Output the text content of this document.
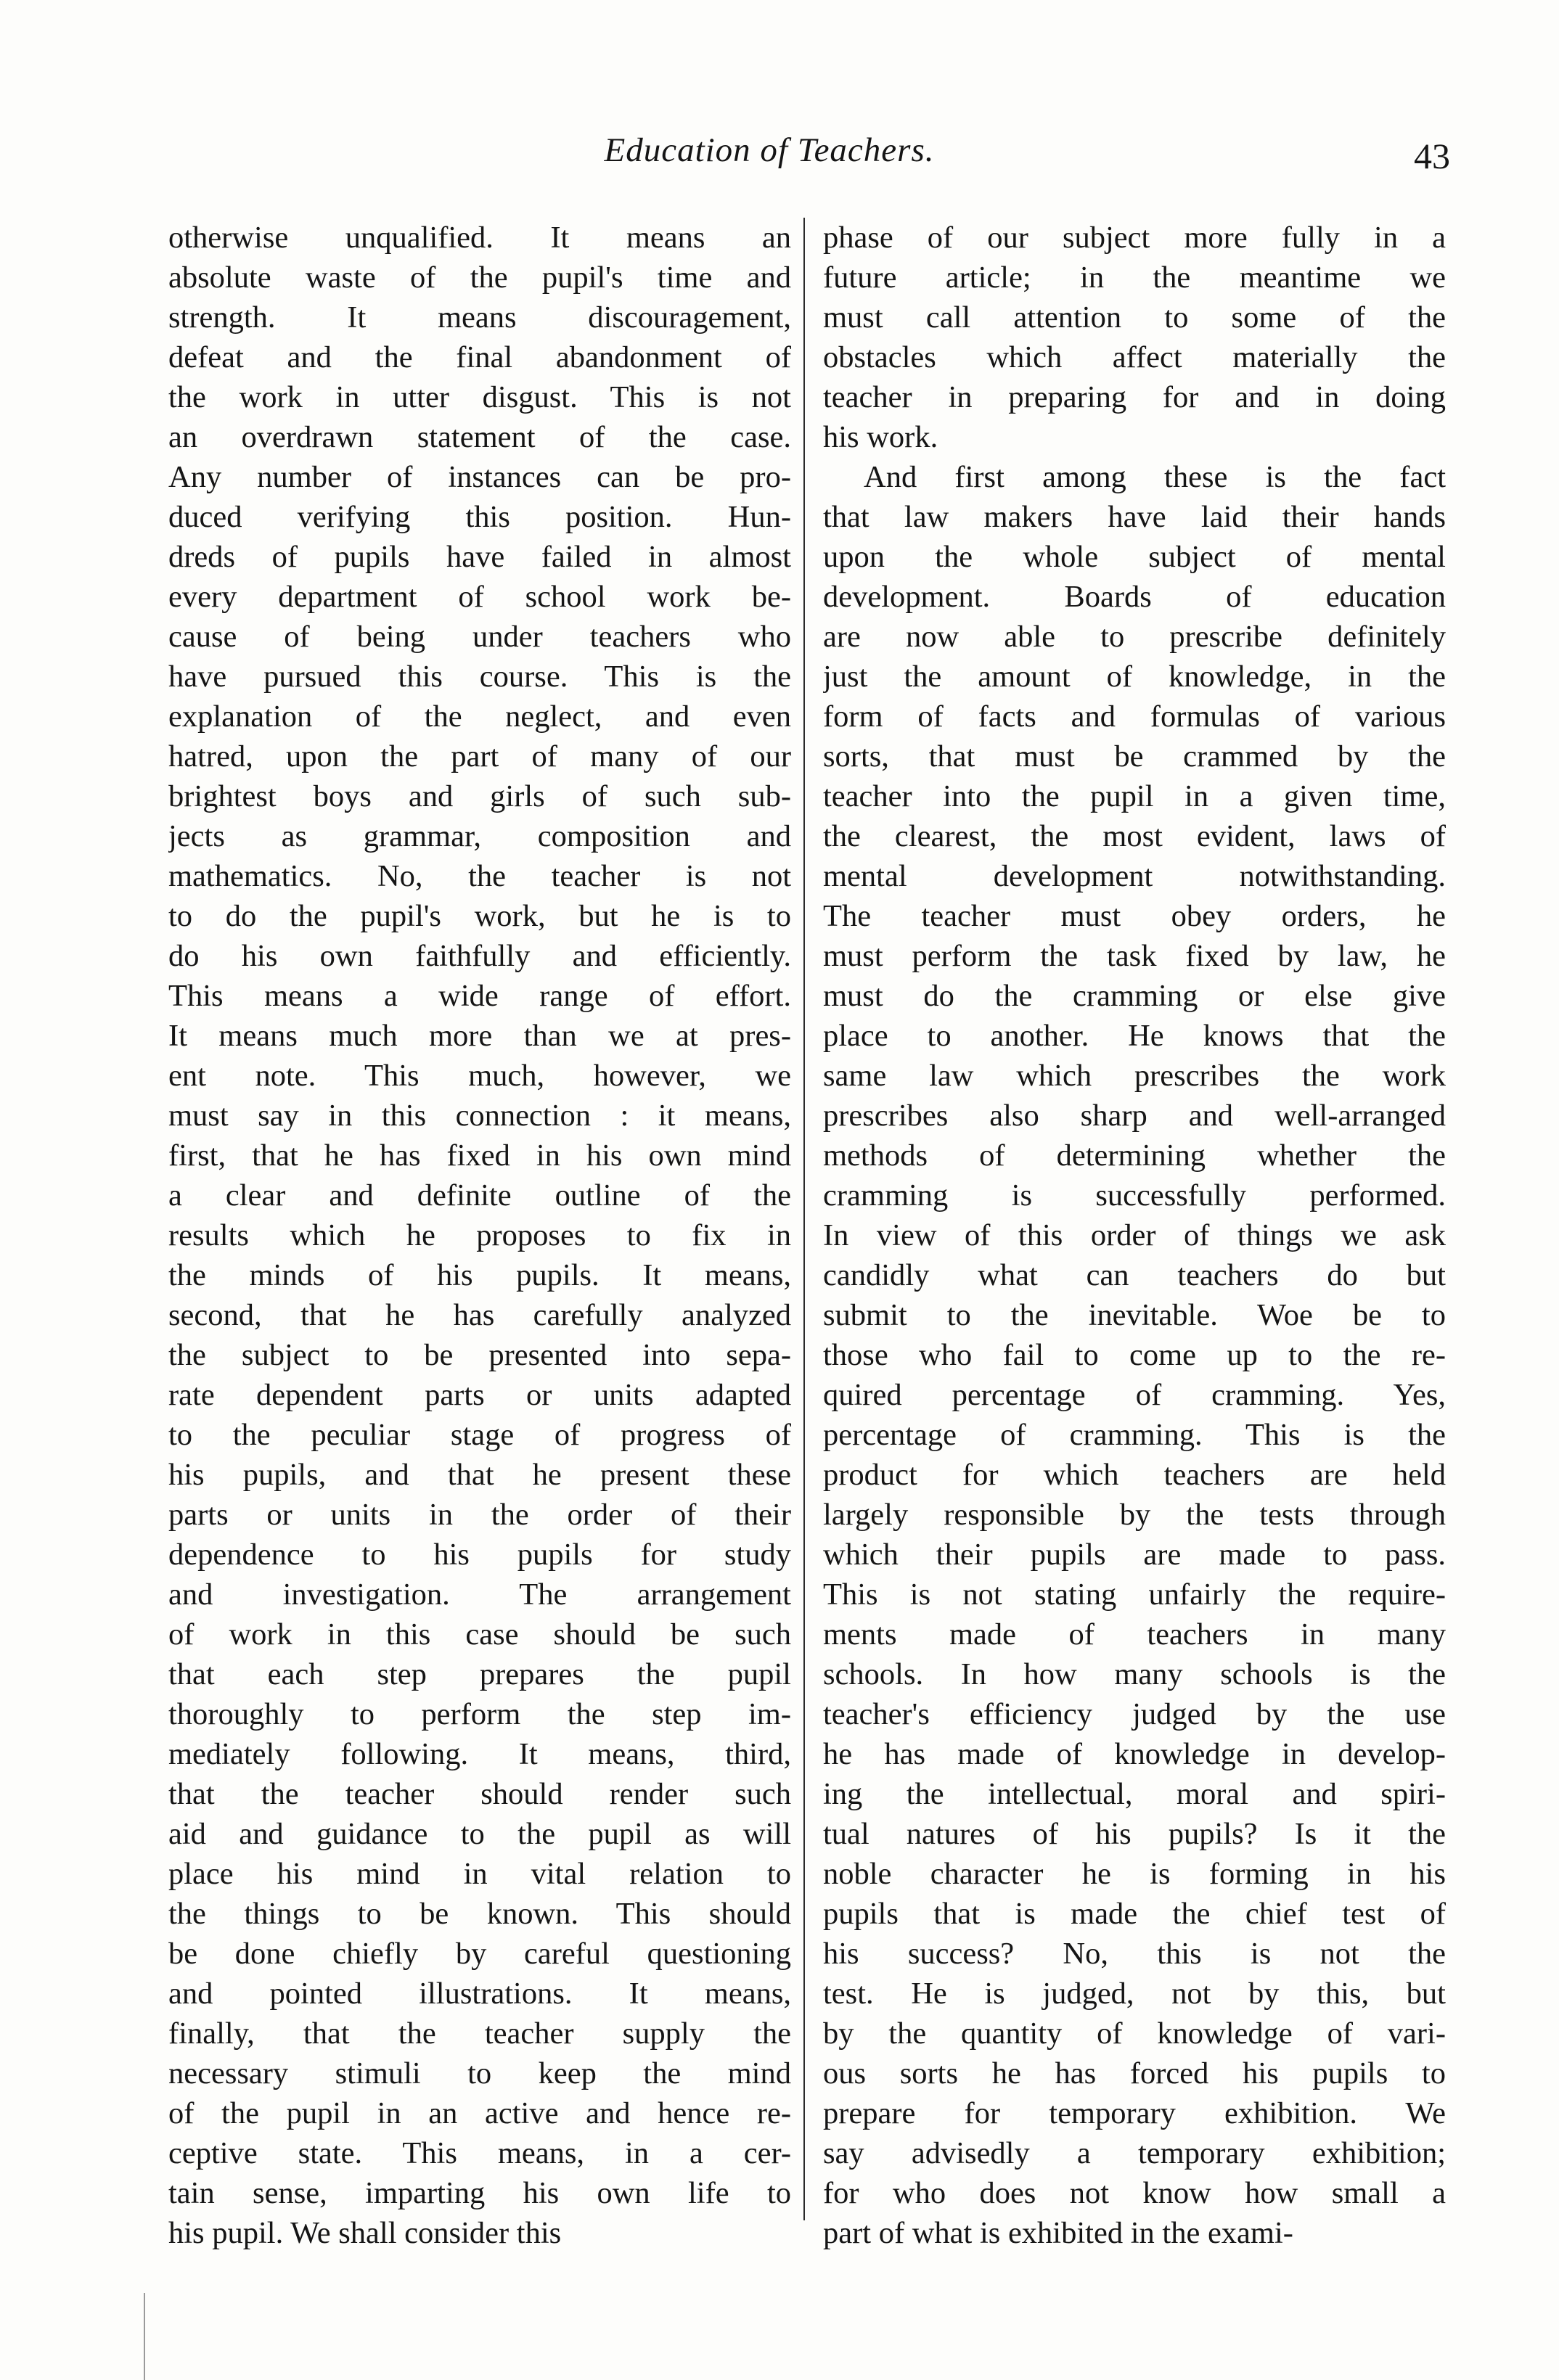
Education of Teachers.	43
otherwise unqualified. It means an
absolute waste of the pupil's time and
strength. It means discouragement,
defeat and the final abandonment of
the work in utter disgust. This is not
an overdrawn statement of the case.
Any number of instances can be pro-
duced verifying this position. Hun-
dreds of pupils have failed in almost
every department of school work be-
cause of being under teachers who
have pursued this course. This is the
explanation of the neglect, and even
hatred, upon the part of many of our
brightest boys and girls of such sub-
jects as grammar, composition and
mathematics. No, the teacher is not
to do the pupil's work, but he is to
do his own faithfully and efficiently.
This means a wide range of effort.
It means much more than we at pres-
ent note. This much, however, we
must say in this connection : it means,
first, that he has fixed in his own mind
a clear and definite outline of the
results which he proposes to fix in
the minds of his pupils. It means,
second, that he has carefully analyzed
the subject to be presented into sepa-
rate dependent parts or units adapted
to the peculiar stage of progress of
his pupils, and that he present these
parts or units in the order of their
dependence to his pupils for study
and investigation. The arrangement
of work in this case should be such
that each step prepares the pupil
thoroughly to perform the step im-
mediately following. It means, third,
that the teacher should render such
aid and guidance to the pupil as will
place his mind in vital relation to
the things to be known. This should
be done chiefly by careful questioning
and pointed illustrations. It means,
finally, that the teacher supply the
necessary stimuli to keep the mind
of the pupil in an active and hence re-
ceptive state. This means, in a cer-
tain sense, imparting his own life to
his pupil. We shall consider this
phase of our subject more fully in a
future article; in the meantime we
must call attention to some of the
obstacles which affect materially the
teacher in preparing for and in doing
his work.
And first among these is the fact
that law makers have laid their hands
upon the whole subject of mental
development. Boards of education
are now able to prescribe definitely
just the amount of knowledge, in the
form of facts and formulas of various
sorts, that must be crammed by the
teacher into the pupil in a given time,
the clearest, the most evident, laws of
mental development notwithstanding.
The teacher must obey orders, he
must perform the task fixed by law, he
must do the cramming or else give
place to another. He knows that the
same law which prescribes the work
prescribes also sharp and well-arranged
methods of determining whether the
cramming is successfully performed.
In view of this order of things we ask
candidly what can teachers do but
submit to the inevitable. Woe be to
those who fail to come up to the re-
quired percentage of cramming. Yes,
percentage of cramming. This is the
product for which teachers are held
largely responsible by the tests through
which their pupils are made to pass.
This is not stating unfairly the require-
ments made of teachers in many
schools. In how many schools is the
teacher's efficiency judged by the use
he has made of knowledge in develop-
ing the intellectual, moral and spiri-
tual natures of his pupils? Is it the
noble character he is forming in his
pupils that is made the chief test of
his success? No, this is not the
test. He is judged, not by this, but
by the quantity of knowledge of vari-
ous sorts he has forced his pupils to
prepare for temporary exhibition. We
say advisedly a temporary exhibition;
for who does not know how small a
part of what is exhibited in the exami-
